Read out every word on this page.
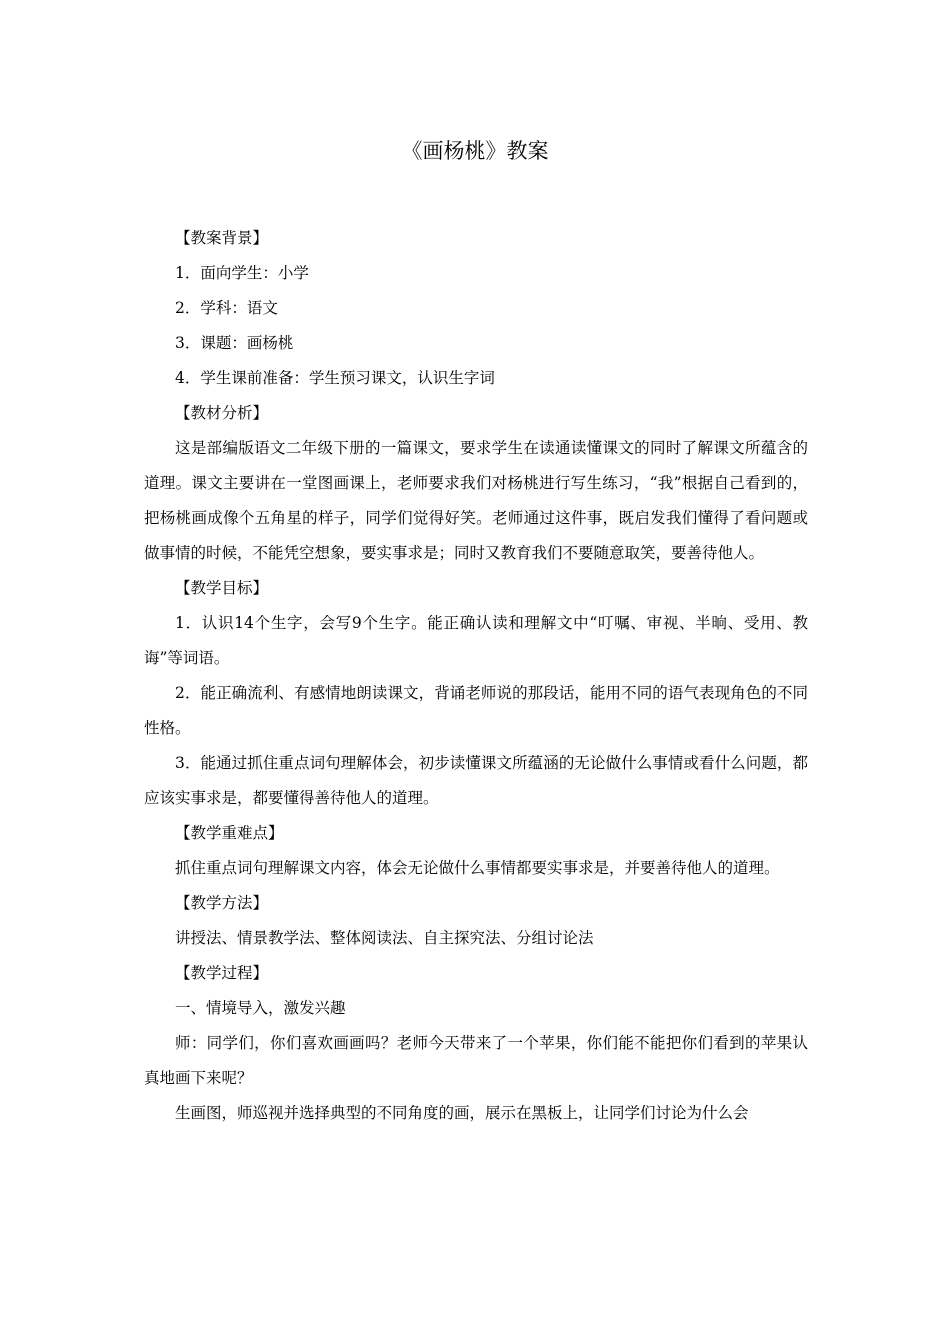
《画杨桃》教案

【教案背景】

1．面向学生：小学

2．学科：语文

3．课题：画杨桃

4．学生课前准备：学生预习课文，认识生字词

【教材分析】

这是部编版语文二年级下册的一篇课文，要求学生在读通读懂课文的同时了解课文所蕴含的道理。课文主要讲在一堂图画课上，老师要求我们对杨桃进行写生练习，“我”根据自己看到的，把杨桃画成像个五角星的样子，同学们觉得好笑。老师通过这件事，既启发我们懂得了看问题或做事情的时候，不能凭空想象，要实事求是；同时又教育我们不要随意取笑，要善待他人。

【教学目标】

1．认识14个生字，会写9个生字。能正确认读和理解文中“叮嘱、审视、半晌、受用、教诲”等词语。

2．能正确流利、有感情地朗读课文，背诵老师说的那段话，能用不同的语气表现角色的不同性格。

3．能通过抓住重点词句理解体会，初步读懂课文所蕴涵的无论做什么事情或看什么问题，都应该实事求是，都要懂得善待他人的道理。

【教学重难点】

抓住重点词句理解课文内容，体会无论做什么事情都要实事求是，并要善待他人的道理。

【教学方法】

讲授法、情景教学法、整体阅读法、自主探究法、分组讨论法

【教学过程】

一、情境导入，激发兴趣

师：同学们，你们喜欢画画吗？老师今天带来了一个苹果，你们能不能把你们看到的苹果认真地画下来呢？

生画图，师巡视并选择典型的不同角度的画，展示在黑板上，让同学们讨论为什么会
